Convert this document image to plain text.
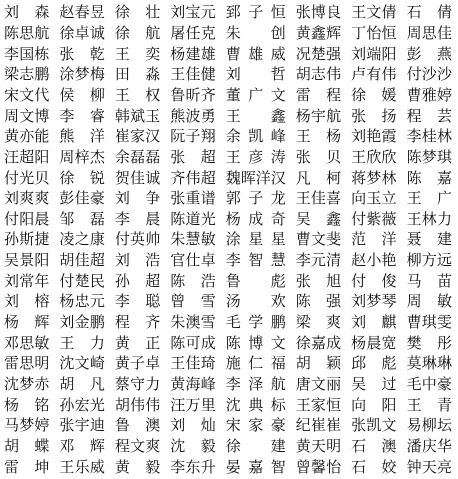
刘 森 赵春昱 徐 壮 刘宝元 郅子恒 张博良 王文倩 石 倩
陈思航 徐卓诚 徐 航 屠任克 朱 创 黄鑫辉 丁怡恒 周思佳
李国栋 张 乾 王 奕 杨建雄 曹雄威 况楚强 刘端阳 彭 燕
梁志鹏 涂梦梅 田 淼 王佳健 刘 哲 胡志伟 卢有伟 付沙沙
宋文代 侯 柳 王 权 鲁昕齐 董广文 雷 程 徐 媛 曹雅婷
周文博 李 睿 韩斌玉 熊波勇 王 鑫 杨宇航 张 扬 程 芸
黄亦能 熊 洋 崔家汉 阮子翔 余凯峰 王 杨 刘艳霞 李桂林
汪超阳 周梓杰 余磊磊 张 超 王彦涛 张 贝 王欣欣 陈梦琪
付光贝 徐 锐 贺佳诚 齐伟超 魏晖洋汉 凡 柯 蒋梦林 陈 嘉
刘爽爽 彭佳豪 刘 争 张重谱 郭子龙 王佳喜 向玉立 王 广
付阳晨 邹 磊 李 晨 陈道光 杨成奇 吴 鑫 付紫薇 王林力
孙斯捷 凌之康 付英帅 朱慧敏 涂星星 曹文斐 范 洋 聂 建
吴景阳 胡佳超 刘 浩 官仕卓 李智慧 李元清 赵小艳 柳方远
刘常年 付楚民 孙 超 陈 浩 鲁 彪 张 旭 付 俊 马 苗
刘 榕 杨忠元 李 聪 曾 雪 汤 欢 陈 强 刘梦琴 周 敏
杨 辉 刘金鹏 程 齐 朱澳雪 毛学鹏 梁 爽 刘 麒 曹琪雯
邓思敏 王 力 黄 正 陈可成 陈博文 徐嘉成 杨晨宽 樊 彤
雷思明 沈文崎 黄子卓 王佳琦 施仁福 胡 颖 邱 彪 莫琳琳
沈梦赤 胡 凡 蔡守力 黄海峰 李泽航 唐文丽 吴 过 毛中豪
杨 铭 孙宏光 胡伟伟 汪万里 沈典标 王家恒 向 阳 王 青
马梦婷 张宇迪 鲁 澳 刘 灿 宋家豪 纪崔崔 张凯文 易柳坛
胡 蝶 邓 辉 程文爽 沈 毅 徐 建 黄天明 石 澳 潘庆华
雷 坤 王乐威 黄 毅 李东升 晏嘉智 曾馨怡 石 姣 钟天亮
